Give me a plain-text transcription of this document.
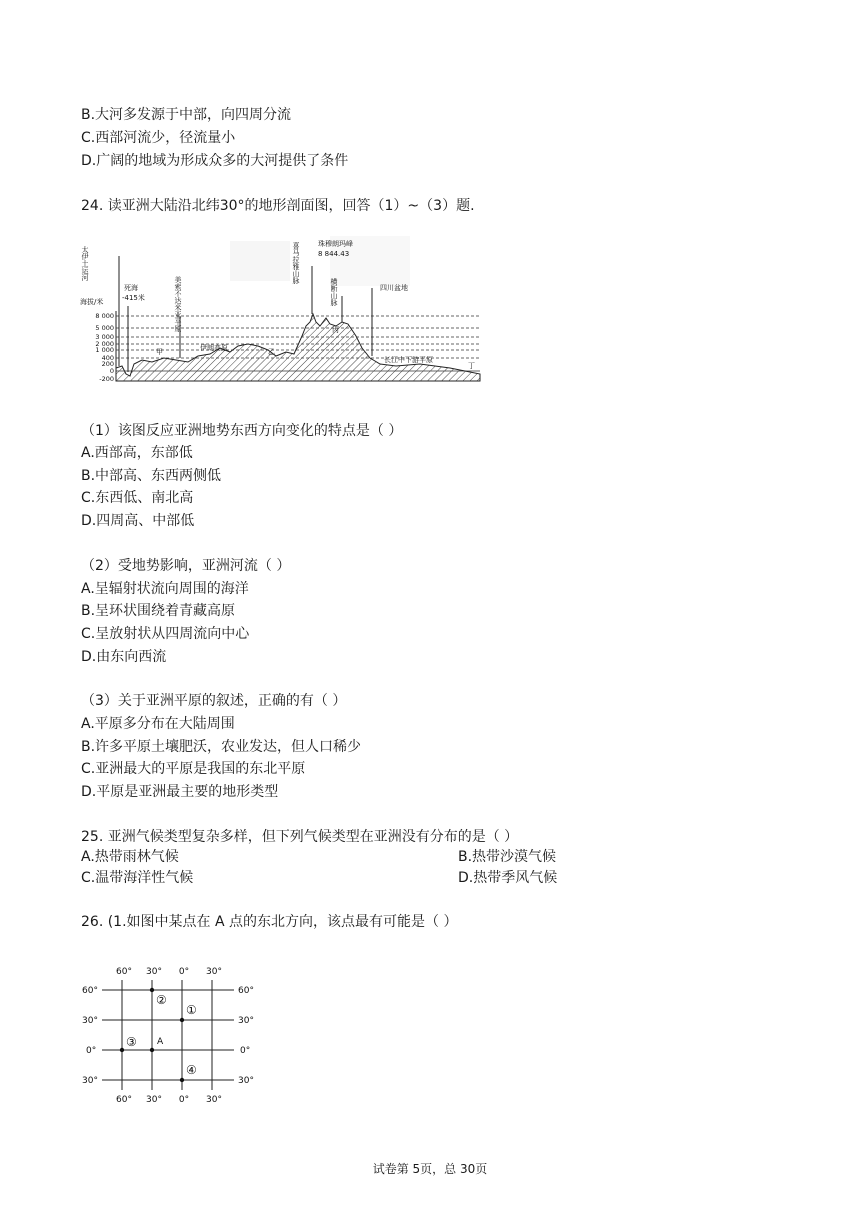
B.大河多发源于中部，向四周分流
C.西部河流少，径流量小
D.广阔的地域为形成众多的大河提供了条件
24. 读亚洲大陆沿北纬30°的地形剖面图，回答（1）~（3）题.
8 000
5 000
3 000
2 000
1 000
400
200
0
-200
海拔/米
死海
-415米
珠穆朗玛峰
8 844.43
四川盆地
伊朗高原
甲	乙
丙
长江中下游平原
丁
太伊土运河
美索不达米亚平原
喜马拉雅山脉
横断山脉
（1）该图反应亚洲地势东西方向变化的特点是（ ）
A.西部高，东部低
B.中部高、东西两侧低
C.东西低、南北高
D.四周高、中部低
（2）受地势影响，亚洲河流（ ）
A.呈辐射状流向周围的海洋
B.呈环状围绕着青藏高原
C.呈放射状从四周流向中心
D.由东向西流
（3）关于亚洲平原的叙述，正确的有（ ）
A.平原多分布在大陆周围
B.许多平原土壤肥沃，农业发达，但人口稀少
C.亚洲最大的平原是我国的东北平原
D.平原是亚洲最主要的地形类型
25. 亚洲气候类型复杂多样，但下列气候类型在亚洲没有分布的是（ ）
A.热带雨林气候	B.热带沙漠气候
C.温带海洋性气候	D.热带季风气候
26. (1.如图中某点在 A 点的东北方向，该点最有可能是（ ）
60° 30° 0° 30°
60° 30° 0° 30°
60°
30°
0°
30°
60°
30°
0°
30°
②
①
③
④
A
试卷第 5页，总 30页
